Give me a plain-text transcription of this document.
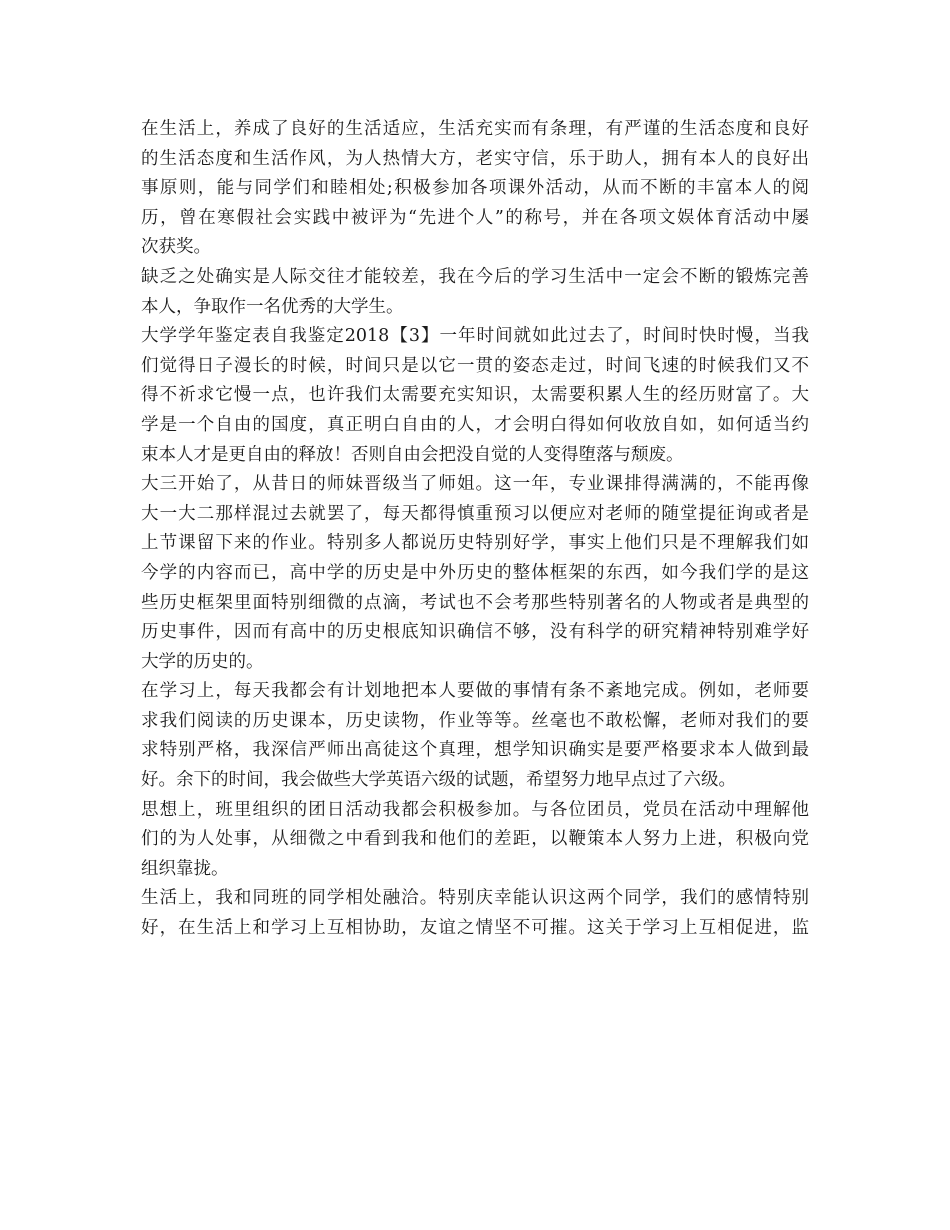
在生活上，养成了良好的生活适应，生活充实而有条理，有严谨的生活态度和良好
的生活态度和生活作风，为人热情大方，老实守信，乐于助人，拥有本人的良好出
事原则，能与同学们和睦相处;积极参加各项课外活动，从而不断的丰富本人的阅
历，曾在寒假社会实践中被评为“先进个人”的称号，并在各项文娱体育活动中屡
次获奖。
缺乏之处确实是人际交往才能较差，我在今后的学习生活中一定会不断的锻炼完善
本人，争取作一名优秀的大学生。
大学学年鉴定表自我鉴定2018【3】一年时间就如此过去了，时间时快时慢，当我
们觉得日子漫长的时候，时间只是以它一贯的姿态走过，时间飞速的时候我们又不
得不祈求它慢一点，也许我们太需要充实知识，太需要积累人生的经历财富了。大
学是一个自由的国度，真正明白自由的人，才会明白得如何收放自如，如何适当约
束本人才是更自由的释放！否则自由会把没自觉的人变得堕落与颓废。
大三开始了，从昔日的师妹晋级当了师姐。这一年，专业课排得满满的，不能再像
大一大二那样混过去就罢了，每天都得慎重预习以便应对老师的随堂提征询或者是
上节课留下来的作业。特别多人都说历史特别好学，事实上他们只是不理解我们如
今学的内容而已，高中学的历史是中外历史的整体框架的东西，如今我们学的是这
些历史框架里面特别细微的点滴，考试也不会考那些特别著名的人物或者是典型的
历史事件，因而有高中的历史根底知识确信不够，没有科学的研究精神特别难学好
大学的历史的。
在学习上，每天我都会有计划地把本人要做的事情有条不紊地完成。例如，老师要
求我们阅读的历史课本，历史读物，作业等等。丝毫也不敢松懈，老师对我们的要
求特别严格，我深信严师出高徒这个真理，想学知识确实是要严格要求本人做到最
好。余下的时间，我会做些大学英语六级的试题，希望努力地早点过了六级。
思想上，班里组织的团日活动我都会积极参加。与各位团员，党员在活动中理解他
们的为人处事，从细微之中看到我和他们的差距，以鞭策本人努力上进，积极向党
组织靠拢。
生活上，我和同班的同学相处融洽。特别庆幸能认识这两个同学，我们的感情特别
好，在生活上和学习上互相协助，友谊之情坚不可摧。这关于学习上互相促进，监
